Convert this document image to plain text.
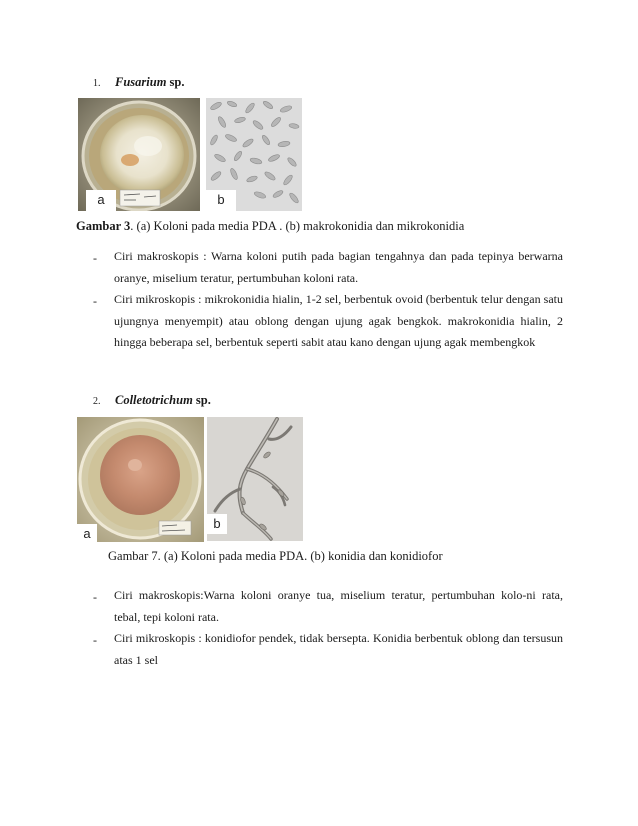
1. Fusarium sp.
a	b
Gambar 3. (a) Koloni pada media PDA . (b) makrokonidia dan mikrokonidia
- Ciri makroskopis : Warna koloni putih pada bagian tengahnya dan pada tepinya berwarna oranye, miselium teratur, pertumbuhan koloni rata.
- Ciri mikroskopis : mikrokonidia hialin, 1-2 sel, berbentuk ovoid (berbentuk telur dengan satu ujungnya menyempit) atau oblong dengan ujung agak bengkok. makrokonidia hialin, 2 hingga beberapa sel, berbentuk seperti sabit atau kano dengan ujung agak membengkok
2. Colletotrichum sp.
a
b
Gambar 7. (a) Koloni pada media PDA. (b) konidia dan konidiofor
- Ciri makroskopis:Warna koloni oranye tua, miselium teratur, pertumbuhan kolo-ni rata, tebal, tepi koloni rata.
- Ciri mikroskopis : konidiofor pendek, tidak bersepta. Konidia berbentuk oblong dan tersusun atas 1 sel
